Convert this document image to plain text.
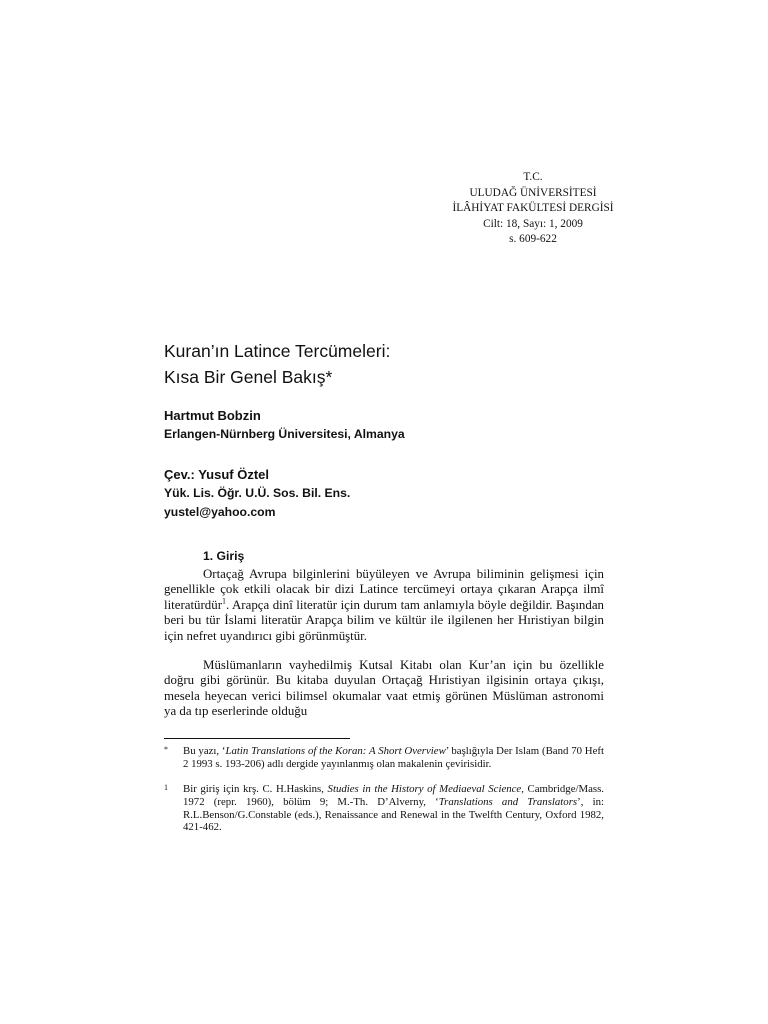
T.C.
ULUDAĞ ÜNİVERSİTESİ
İLÂHİYAT FAKÜLTESİ DERGİSİ
Cilt: 18, Sayı: 1, 2009
s. 609-622
Kuran’ın Latince Tercümeleri:
Kısa Bir Genel Bakış*
Hartmut Bobzin
Erlangen-Nürnberg Üniversitesi, Almanya
Çev.: Yusuf Öztel
Yük. Lis. Öğr. U.Ü. Sos. Bil. Ens.
yustel@yahoo.com
1. Giriş

Ortaçağ Avrupa bilginlerini büyüleyen ve Avrupa biliminin gelişmesi için genellikle çok etkili olacak bir dizi Latince tercümeyi ortaya çıkaran Arapça ilmî literatürdür$^1$. Arapça dinî literatür için durum tam anlamıyla böyle değildir. Başından beri bu tür İslami literatür Arapça bilim ve kültür ile ilgilenen her Hıristiyan bilgin için nefret uyandırıcı gibi görünmüştür.

Müslümanların vayhedilmiş Kutsal Kitabı olan Kur’an için bu özellikle doğru gibi görünür. Bu kitaba duyulan Ortaçağ Hıristiyan ilgisinin ortaya çıkışı, mesela heyecan verici bilimsel okumalar vaat etmiş görünen Müslüman astronomi ya da tıp eserlerinde olduğu

* Bu yazı, ‘Latin Translations of the Koran: A Short Overview’ başlığıyla Der Islam (Band 70 Heft 2 1993 s. 193-206) adlı dergide yayınlanmış olan makalenin çevirisidir.
1 Bir giriş için krş. C. H.Haskins, Studies in the History of Mediaeval Science, Cambridge/Mass. 1972 (repr. 1960), bölüm 9; M.-Th. D’Alverny, ‘Translations and Translators’, in: R.L.Benson/G.Constable (eds.), Renaissance and Renewal in the Twelfth Century, Oxford 1982, 421-462.
